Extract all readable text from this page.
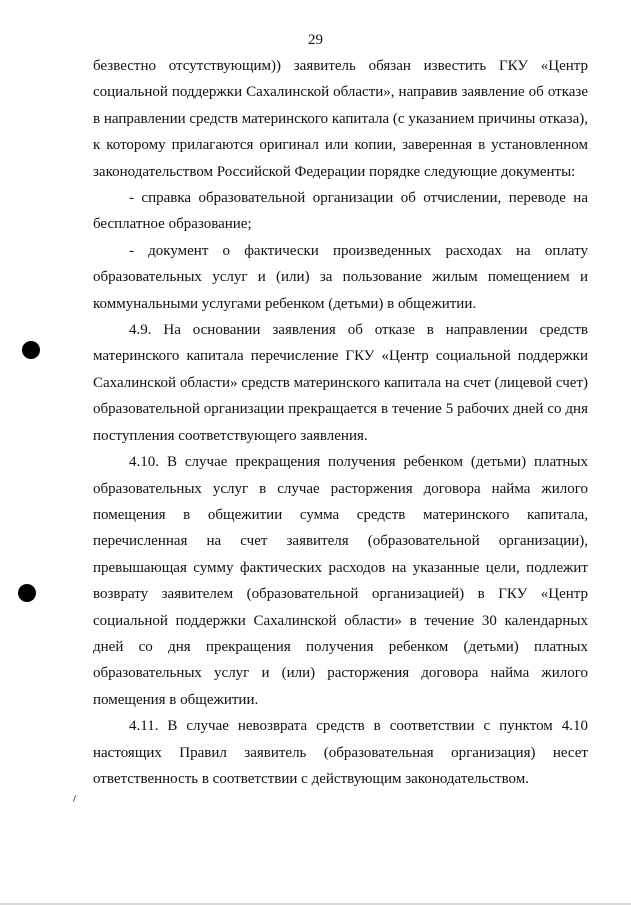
29

безвестно отсутствующим)) заявитель обязан известить ГКУ «Центр социальной поддержки Сахалинской области», направив заявление об отказе в направлении средств материнского капитала (с указанием причины отказа), к которому прилагаются оригинал или копии, заверенная в установленном законодательством Российской Федерации порядке следующие документы:

- справка образовательной организации об отчислении, переводе на бесплатное образование;

- документ о фактически произведенных расходах на оплату образовательных услуг и (или) за пользование жилым помещением и коммунальными услугами ребенком (детьми) в общежитии.

4.9. На основании заявления об отказе в направлении средств материнского капитала перечисление ГКУ «Центр социальной поддержки Сахалинской области» средств материнского капитала на счет (лицевой счет) образовательной организации прекращается в течение 5 рабочих дней со дня поступления соответствующего заявления.

4.10. В случае прекращения получения ребенком (детьми) платных образовательных услуг в случае расторжения договора найма жилого помещения в общежитии сумма средств материнского капитала, перечисленная на счет заявителя (образовательной организации), превышающая сумму фактических расходов на указанные цели, подлежит возврату заявителем (образовательной организацией) в ГКУ «Центр социальной поддержки Сахалинской области» в течение 30 календарных дней со дня прекращения получения ребенком (детьми) платных образовательных услуг и (или) расторжения договора найма жилого помещения в общежитии.

4.11. В случае невозврата средств в соответствии с пунктом 4.10 настоящих Правил заявитель (образовательная организация) несет ответственность в соответствии с действующим законодательством.
